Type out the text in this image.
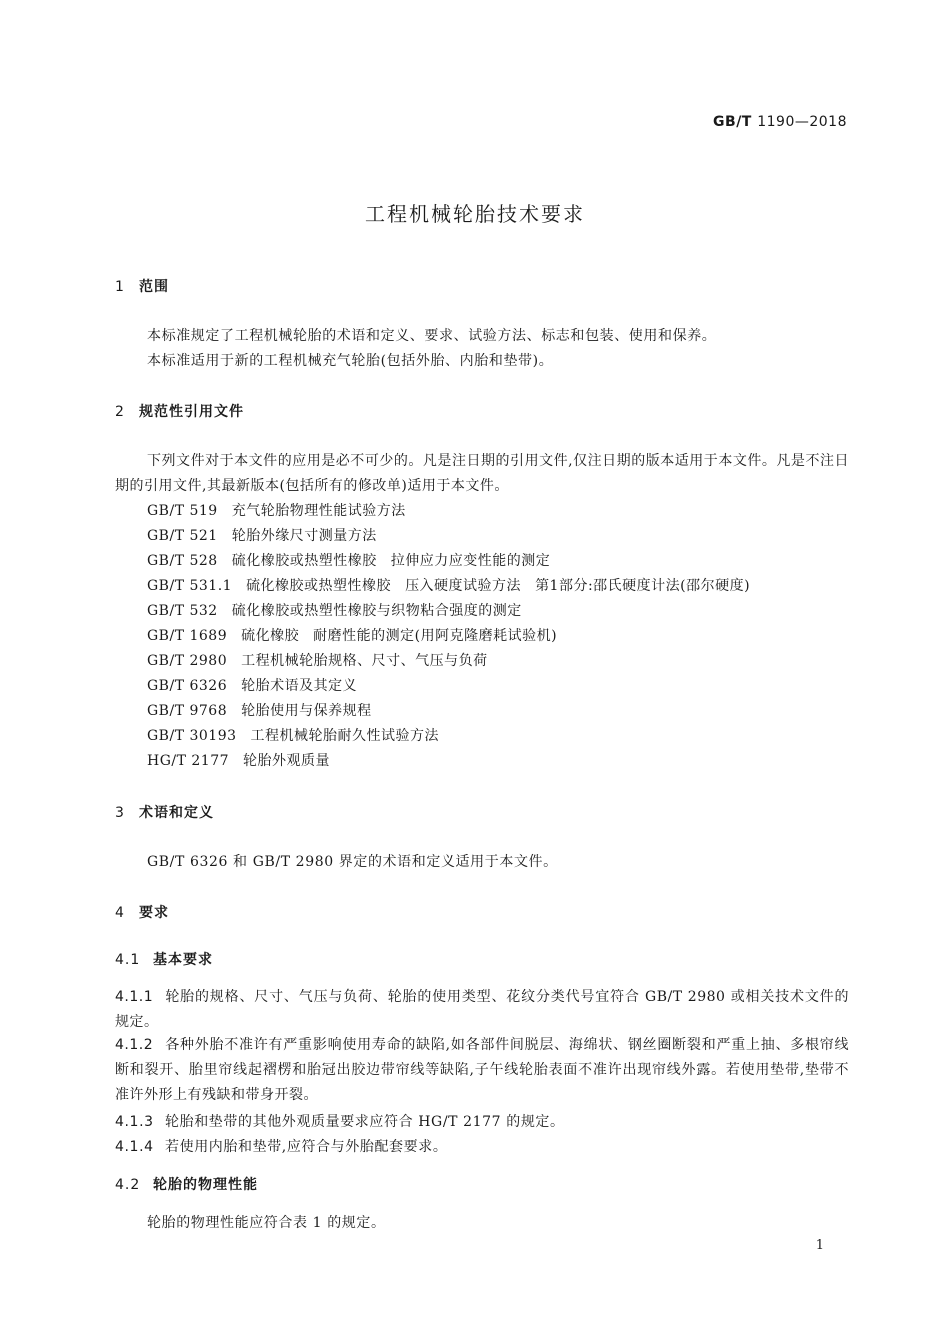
GB/T 1190—2018
工程机械轮胎技术要求
1 范围
本标准规定了工程机械轮胎的术语和定义、要求、试验方法、标志和包装、使用和保养。
本标准适用于新的工程机械充气轮胎(包括外胎、内胎和垫带)。
2 规范性引用文件
下列文件对于本文件的应用是必不可少的。凡是注日期的引用文件,仅注日期的版本适用于本文件。凡是不注日期的引用文件,其最新版本(包括所有的修改单)适用于本文件。
GB/T 519 充气轮胎物理性能试验方法
GB/T 521 轮胎外缘尺寸测量方法
GB/T 528 硫化橡胶或热塑性橡胶 拉伸应力应变性能的测定
GB/T 531.1 硫化橡胶或热塑性橡胶 压入硬度试验方法 第1部分:邵氏硬度计法(邵尔硬度)
GB/T 532 硫化橡胶或热塑性橡胶与织物粘合强度的测定
GB/T 1689 硫化橡胶 耐磨性能的测定(用阿克隆磨耗试验机)
GB/T 2980 工程机械轮胎规格、尺寸、气压与负荷
GB/T 6326 轮胎术语及其定义
GB/T 9768 轮胎使用与保养规程
GB/T 30193 工程机械轮胎耐久性试验方法
HG/T 2177 轮胎外观质量
3 术语和定义
GB/T 6326 和 GB/T 2980 界定的术语和定义适用于本文件。
4 要求
4.1 基本要求
4.1.1 轮胎的规格、尺寸、气压与负荷、轮胎的使用类型、花纹分类代号宜符合 GB/T 2980 或相关技术文件的规定。
4.1.2 各种外胎不准许有严重影响使用寿命的缺陷,如各部件间脱层、海绵状、钢丝圈断裂和严重上抽、多根帘线断和裂开、胎里帘线起褶楞和胎冠出胶边带帘线等缺陷,子午线轮胎表面不准许出现帘线外露。若使用垫带,垫带不准许外形上有残缺和带身开裂。
4.1.3 轮胎和垫带的其他外观质量要求应符合 HG/T 2177 的规定。
4.1.4 若使用内胎和垫带,应符合与外胎配套要求。
4.2 轮胎的物理性能
轮胎的物理性能应符合表 1 的规定。
1
